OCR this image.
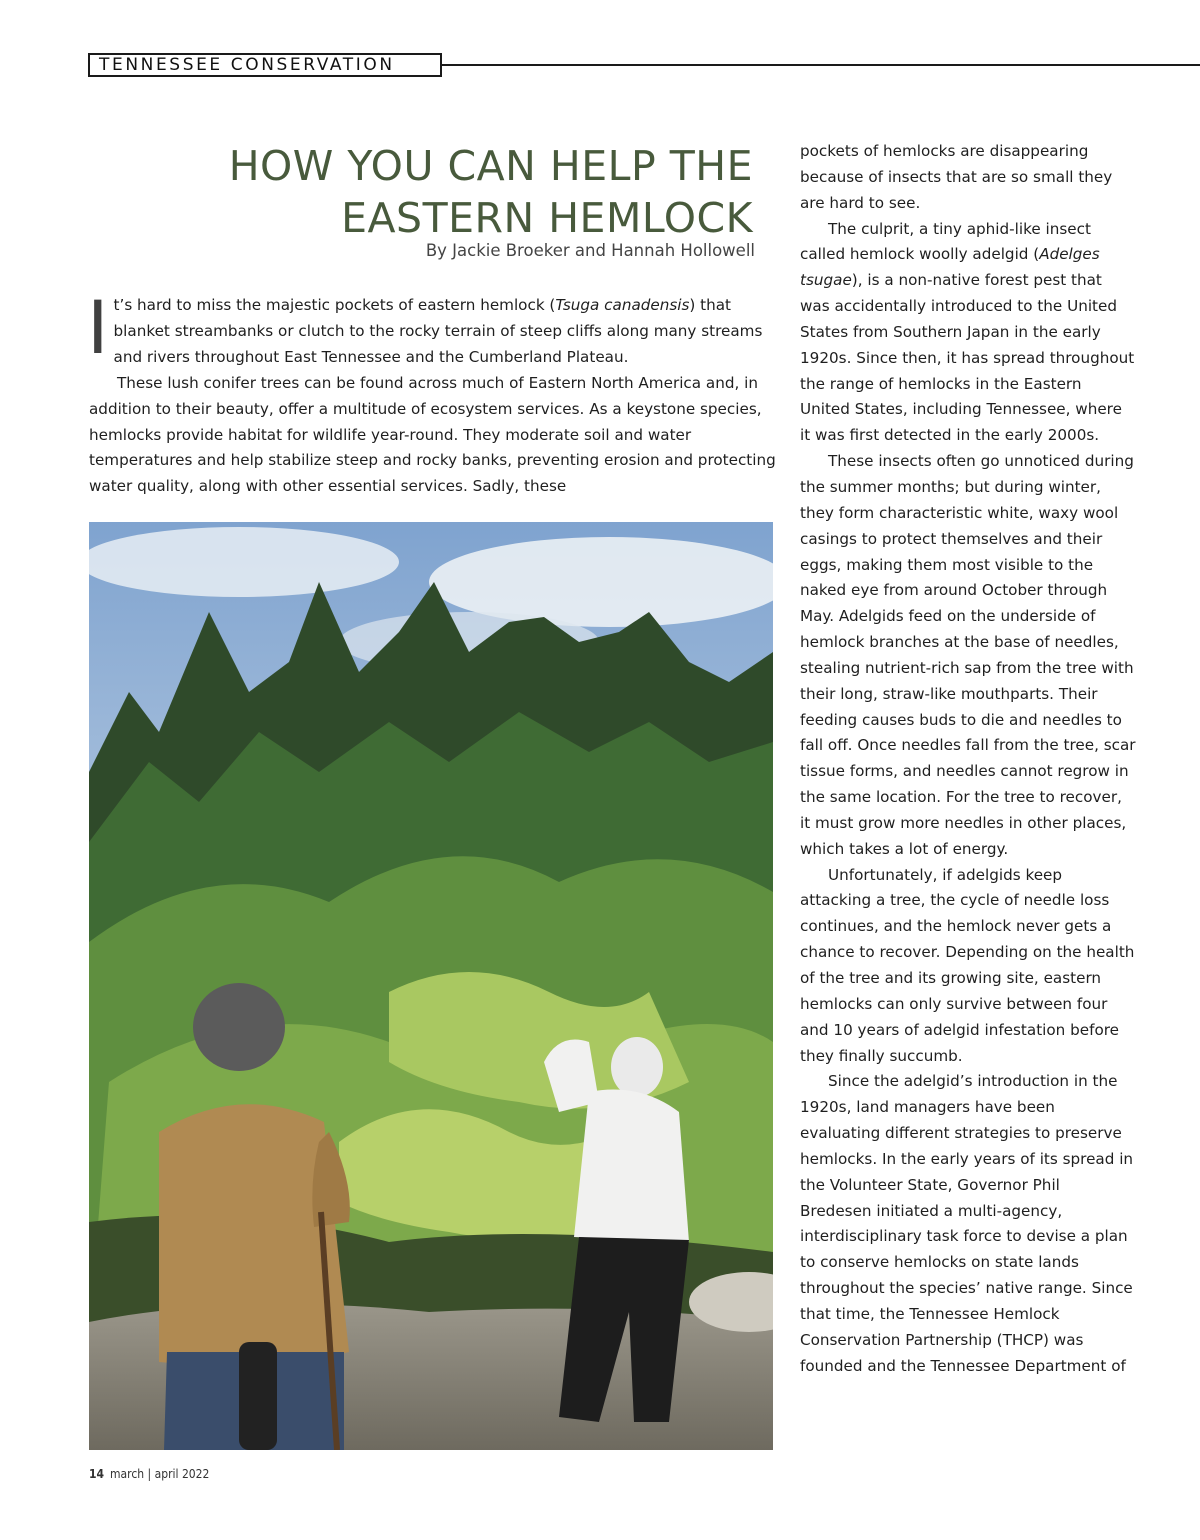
TENNESSEE CONSERVATION
HOW YOU CAN HELP THE
EASTERN HEMLOCK
By Jackie Broeker and Hannah Hollowell

It’s hard to miss the majestic pockets of eastern hemlock (Tsuga canadensis) that blanket streambanks or clutch to the rocky terrain of steep cliffs along many streams and rivers throughout East Tennessee and the Cumberland Plateau.

These lush conifer trees can be found across much of Eastern North America and, in addition to their beauty, offer a multitude of ecosystem services. As a keystone species, hemlocks provide habitat for wildlife year-round. They moderate soil and water temperatures and help stabilize steep and rocky banks, preventing erosion and protecting water quality, along with other essential services. Sadly, these

pockets of hemlocks are disappearing because of insects that are so small they are hard to see.

The culprit, a tiny aphid-like insect called hemlock woolly adelgid (Adelges tsugae), is a non-native forest pest that was accidentally introduced to the United States from Southern Japan in the early 1920s. Since then, it has spread throughout the range of hemlocks in the Eastern United States, including Tennessee, where it was first detected in the early 2000s.

These insects often go unnoticed during the summer months; but during winter, they form characteristic white, waxy wool casings to protect themselves and their eggs, making them most visible to the naked eye from around October through May. Adelgids feed on the underside of hemlock branches at the base of needles, stealing nutrient-rich sap from the tree with their long, straw-like mouthparts. Their feeding causes buds to die and needles to fall off. Once needles fall from the tree, scar tissue forms, and needles cannot regrow in the same location. For the tree to recover, it must grow more needles in other places, which takes a lot of energy.

Unfortunately, if adelgids keep attacking a tree, the cycle of needle loss continues, and the hemlock never gets a chance to recover. Depending on the health of the tree and its growing site, eastern hemlocks can only survive between four and 10 years of adelgid infestation before they finally succumb.

Since the adelgid’s introduction in the 1920s, land managers have been evaluating different strategies to preserve hemlocks. In the early years of its spread in the Volunteer State, Governor Phil Bredesen initiated a multi-agency, interdisciplinary task force to devise a plan to conserve hemlocks on state lands throughout the species’ native range. Since that time, the Tennessee Hemlock Conservation Partnership (THCP) was founded and the Tennessee Department of

14 march | april 2022
